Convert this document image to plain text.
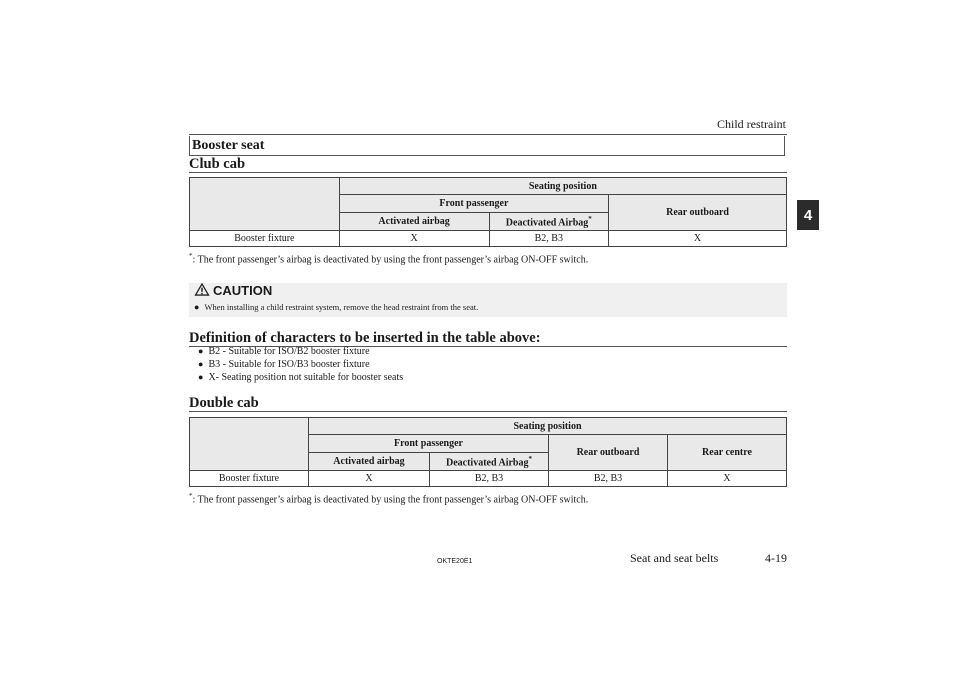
Child restraint
4
Booster seat
Club cab
	Seating position		
	Front passenger		Rear outboard
	Activated airbag	Deactivated Airbag*
Booster fixture	X	B2, B3	X
*: The front passenger’s airbag is deactivated by using the front passenger’s airbag ON-OFF switch.
CAUTION
● When installing a child restraint system, remove the head restraint from the seat.
Definition of characters to be inserted in the table above:
● B2 - Suitable for ISO/B2 booster fixture
● B3 - Suitable for ISO/B3 booster fixture
● X- Seating position not suitable for booster seats
Double cab
	Seating position			
	Front passenger		Rear outboard	Rear centre
	Activated airbag	Deactivated Airbag*
Booster fixture	X	B2, B3	B2, B3	X
*: The front passenger’s airbag is deactivated by using the front passenger’s airbag ON-OFF switch.
OKTE20E1	Seat and seat belts	4-19
